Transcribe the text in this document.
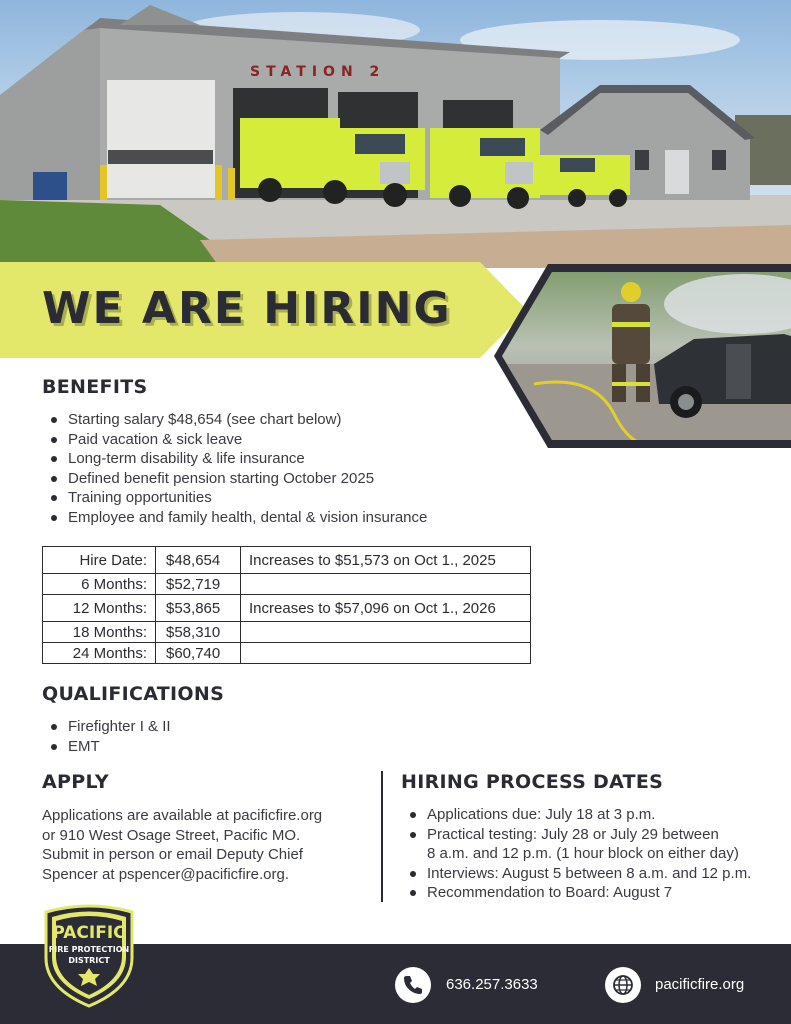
STATION 2
WE ARE HIRING
BENEFITS
Starting salary $48,654 (see chart below)
Paid vacation & sick leave
Long-term disability & life insurance
Defined benefit pension starting October 2025
Training opportunities
Employee and family health, dental & vision insurance
Hire Date:	$48,654	Increases to $51,573 on Oct 1., 2025
6 Months:	$52,719	
12 Months:	$53,865	Increases to $57,096 on Oct 1., 2026
18 Months:	$58,310	
24 Months:	$60,740	
QUALIFICATIONS
Firefighter I & II
EMT
APPLY
Applications are available at pacificfire.org
or 910 West Osage Street, Pacific MO.
Submit in person or email Deputy Chief
Spencer at pspencer@pacificfire.org.
HIRING PROCESS DATES
Applications due: July 18 at 3 p.m.
Practical testing: July 28 or July 29 between
8 a.m. and 12 p.m. (1 hour block on either day)
Interviews: August 5 between 8 a.m. and 12 p.m.
Recommendation to Board: August 7
PACIFIC
FIRE PROTECTION
DISTRICT
636.257.3633	pacificfire.org
